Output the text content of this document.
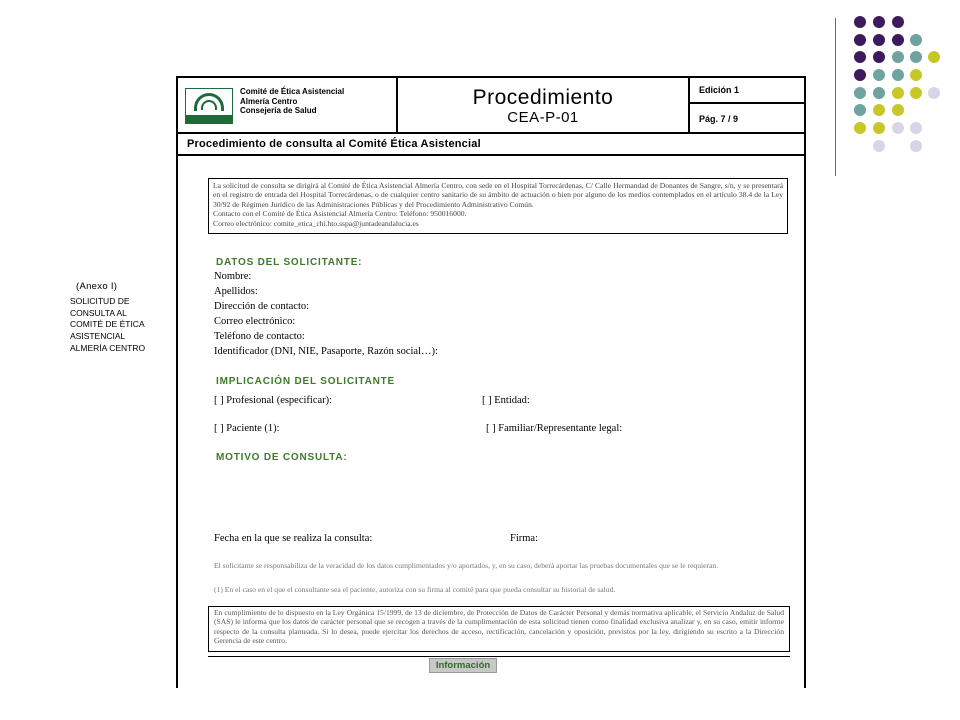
(Anexo I)
SOLICITUD DE CONSULTA AL COMITÉ DE ÉTICA ASISTENCIAL ALMERÍA CENTRO
Comité de Ética Asistencial
Almería Centro
Consejería de Salud
Procedimiento
CEA-P-01
Edición 1
Pág. 7 / 9
Procedimiento de consulta al Comité Ética Asistencial
La solicitud de consulta se dirigirá al Comité de Ética Asistencial Almería Centro, con sede en el Hospital Torrecárdenas, C/ Calle Hermandad de Donantes de Sangre, s/n, y se presentará en el registro de entrada del Hospital Torrecárdenas, o de cualquier centro sanitario de su ámbito de actuación o bien por alguno de los medios contemplados en el artículo 38.4 de la Ley 30/92 de Régimen Jurídico de las Administraciones Públicas y del Procedimiento Administrativo Común.
Contacto con el Comité de Ética Asistencial Almería Centro: Teléfono: 950016000.
Correo electrónico: comite_etica_chi.hto.sspa@juntadeandalucia.es
DATOS DEL SOLICITANTE:
Nombre:
Apellidos:
Dirección de contacto:
Correo electrónico:
Teléfono de contacto:
Identificador (DNI, NIE, Pasaporte, Razón social…):
IMPLICACIÓN DEL SOLICITANTE
[ ] Profesional (especificar):	[ ] Entidad:
[ ] Paciente (1):	[ ] Familiar/Representante legal:
MOTIVO DE CONSULTA:
Fecha en la que se realiza la consulta:	Firma:
El solicitante se responsabiliza de la veracidad de los datos cumplimentados y/o aportados, y, en su caso, deberá aportar las pruebas documentales que se le requieran.
(1) En el caso en el que el consultante sea el paciente, autoriza con su firma al comité para que pueda consultar su historial de salud.
En cumplimiento de lo dispuesto en la Ley Orgánica 15/1999, de 13 de diciembre, de Protección de Datos de Carácter Personal y demás normativa aplicable, el Servicio Andaluz de Salud (SAS) le informa que los datos de carácter personal que se recogen a través de la cumplimentación de esta solicitud tienen como finalidad exclusiva analizar y, en su caso, emitir informe respecto de la consulta planteada. Si lo desea, puede ejercitar los derechos de acceso, rectificación, cancelación y oposición, previstos por la ley, dirigiendo su escrito a la Dirección Gerencia de este centro.
Información
